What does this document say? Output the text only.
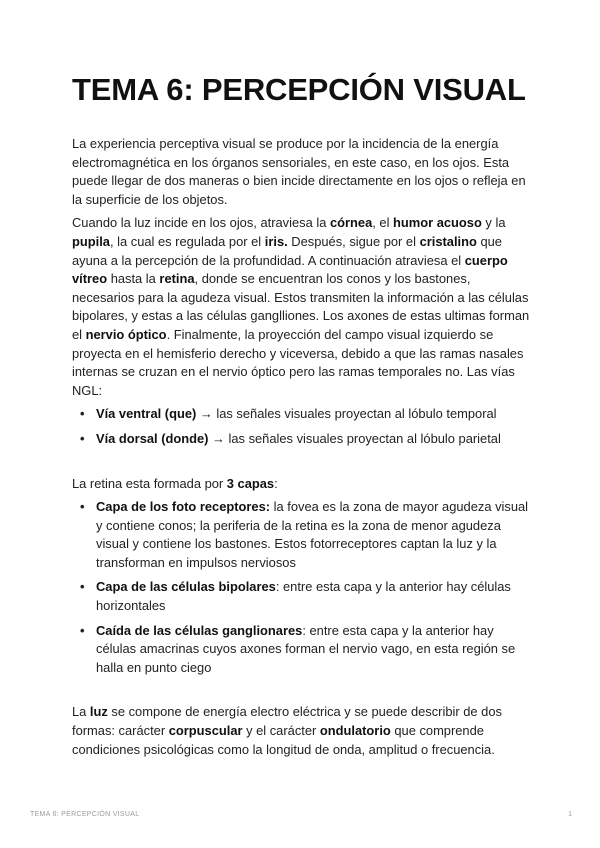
TEMA 6: PERCEPCIÓN VISUAL

La experiencia perceptiva visual se produce por la incidencia de la energía electromagnética en los órganos sensoriales, en este caso, en los ojos. Esta puede llegar de dos maneras o bien incide directamente en los ojos o refleja en la superficie de los objetos.

Cuando la luz incide en los ojos, atraviesa la córnea, el humor acuoso y la pupila, la cual es regulada por el iris. Después, sigue por el cristalino que ayuna a la percepción de la profundidad. A continuación atraviesa el cuerpo vítreo hasta la retina, donde se encuentran los conos y los bastones, necesarios para la agudeza visual. Estos transmiten la información a las células bipolares, y estas a las células ganglliones. Los axones de estas ultimas forman el nervio óptico. Finalmente, la proyección del campo visual izquierdo se proyecta en el hemisferio derecho y viceversa, debido a que las ramas nasales internas se cruzan en el nervio óptico pero las ramas temporales no. Las vías NGL:

• Vía ventral (que) → las señales visuales proyectan al lóbulo temporal
• Vía dorsal (donde) → las señales visuales proyectan al lóbulo parietal

La retina esta formada por 3 capas:

• Capa de los foto receptores: la fovea es la zona de mayor agudeza visual y contiene conos; la periferia de la retina es la zona de menor agudeza visual y contiene los bastones. Estos fotorreceptores captan la luz y la transforman en impulsos nerviosos
• Capa de las células bipolares: entre esta capa y la anterior hay células horizontales
• Caída de las células ganglionares: entre esta capa y la anterior hay células amacrinas cuyos axones forman el nervio vago, en esta región se halla en punto ciego

La luz se compone de energía electro eléctrica y se puede describir de dos formas: carácter corpuscular y el carácter ondulatorio que comprende condiciones psicológicas como la longitud de onda, amplitud o frecuencia.

TEMA 6: PERCEPCIÓN VISUAL	1
